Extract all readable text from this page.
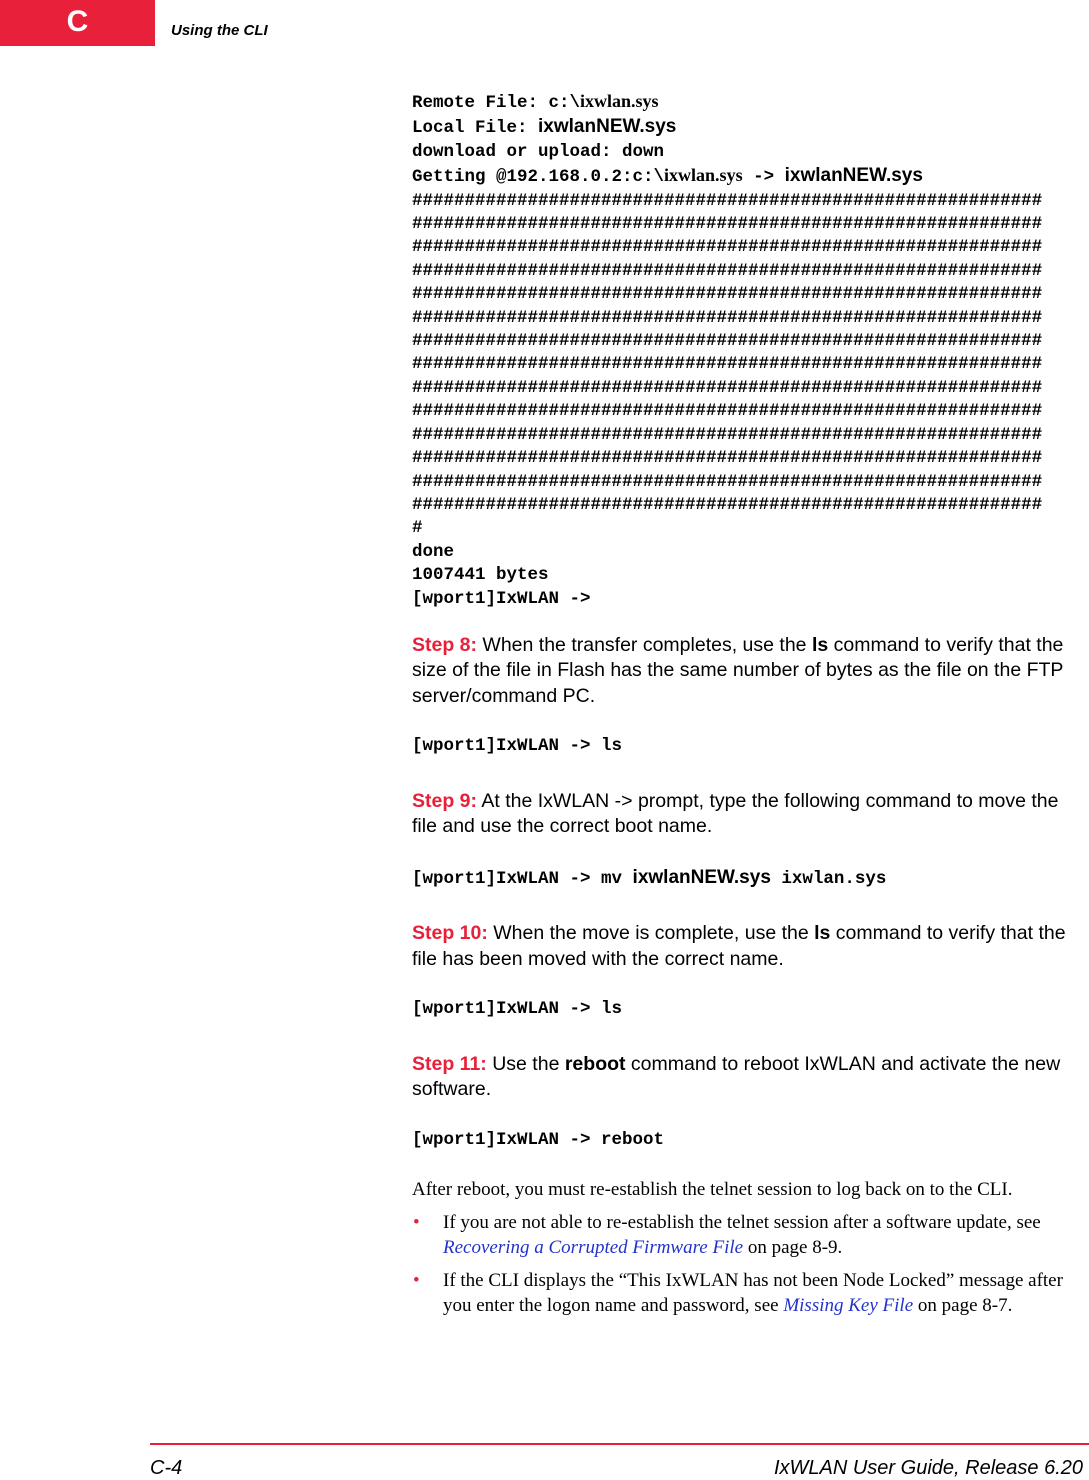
C	Using the CLI
Remote File: c:\ixwlan.sys
Local File: ixwlanNEW.sys
download or upload: down
Getting @192.168.0.2:c:\ixwlan.sys -> ixwlanNEW.sys
############################################################
############################################################
############################################################
############################################################
############################################################
############################################################
############################################################
############################################################
############################################################
############################################################
############################################################
############################################################
############################################################
############################################################
#
done
1007441 bytes
[wport1]IxWLAN ->

Step 8: When the transfer completes, use the ls command to verify that the size of the file in Flash has the same number of bytes as the file on the FTP server/command PC.

[wport1]IxWLAN -> ls

Step 9: At the IxWLAN -> prompt, type the following command to move the file and use the correct boot name.

[wport1]IxWLAN -> mv ixwlanNEW.sys ixwlan.sys

Step 10: When the move is complete, use the ls command to verify that the file has been moved with the correct name.

[wport1]IxWLAN -> ls

Step 11: Use the reboot command to reboot IxWLAN and activate the new software.

[wport1]IxWLAN -> reboot

After reboot, you must re-establish the telnet session to log back on to the CLI.

• If you are not able to re-establish the telnet session after a software update, see Recovering a Corrupted Firmware File on page 8-9.
• If the CLI displays the “This IxWLAN has not been Node Locked” message after you enter the logon name and password, see Missing Key File on page 8-7.
C-4	IxWLAN User Guide, Release 6.20
